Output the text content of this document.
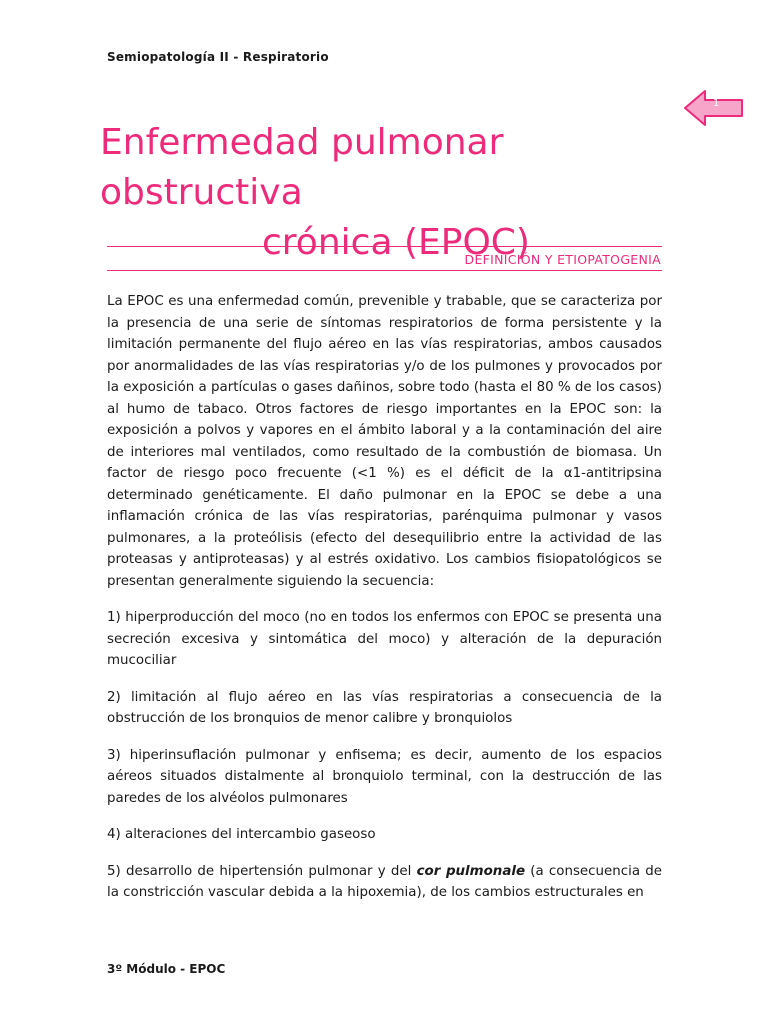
Semiopatología II - Respiratorio
Enfermedad pulmonar obstructiva
crónica (EPOC)
1
DEFINICIÓN Y ETIOPATOGENIA

La EPOC es una enfermedad común, prevenible y trabable, que se caracteriza por la presencia de una serie de síntomas respiratorios de forma persistente y la limitación permanente del flujo aéreo en las vías respiratorias, ambos causados por anormalidades de las vías respiratorias y/o de los pulmones y provocados por la exposición a partículas o gases dañinos, sobre todo (hasta el 80 % de los casos) al humo de tabaco. Otros factores de riesgo importantes en la EPOC son: la exposición a polvos y vapores en el ámbito laboral y a la contaminación del aire de interiores mal ventilados, como resultado de la combustión de biomasa. Un factor de riesgo poco frecuente (<1 %) es el déficit de la α1-antitripsina determinado genéticamente. El daño pulmonar en la EPOC se debe a una inflamación crónica de las vías respiratorias, parénquima pulmonar y vasos pulmonares, a la proteólisis (efecto del desequilibrio entre la actividad de las proteasas y antiproteasas) y al estrés oxidativo. Los cambios fisiopatológicos se presentan generalmente siguiendo la secuencia:

1) hiperproducción del moco (no en todos los enfermos con EPOC se presenta una secreción excesiva y sintomática del moco) y alteración de la depuración mucociliar

2) limitación al flujo aéreo en las vías respiratorias a consecuencia de la obstrucción de los bronquios de menor calibre y bronquiolos

3) hiperinsuflación pulmonar y enfisema; es decir, aumento de los espacios aéreos situados distalmente al bronquiolo terminal, con la destrucción de las paredes de los alvéolos pulmonares

4) alteraciones del intercambio gaseoso

5) desarrollo de hipertensión pulmonar y del cor pulmonale (a consecuencia de la constricción vascular debida a la hipoxemia), de los cambios estructurales en

3º Módulo - EPOC
